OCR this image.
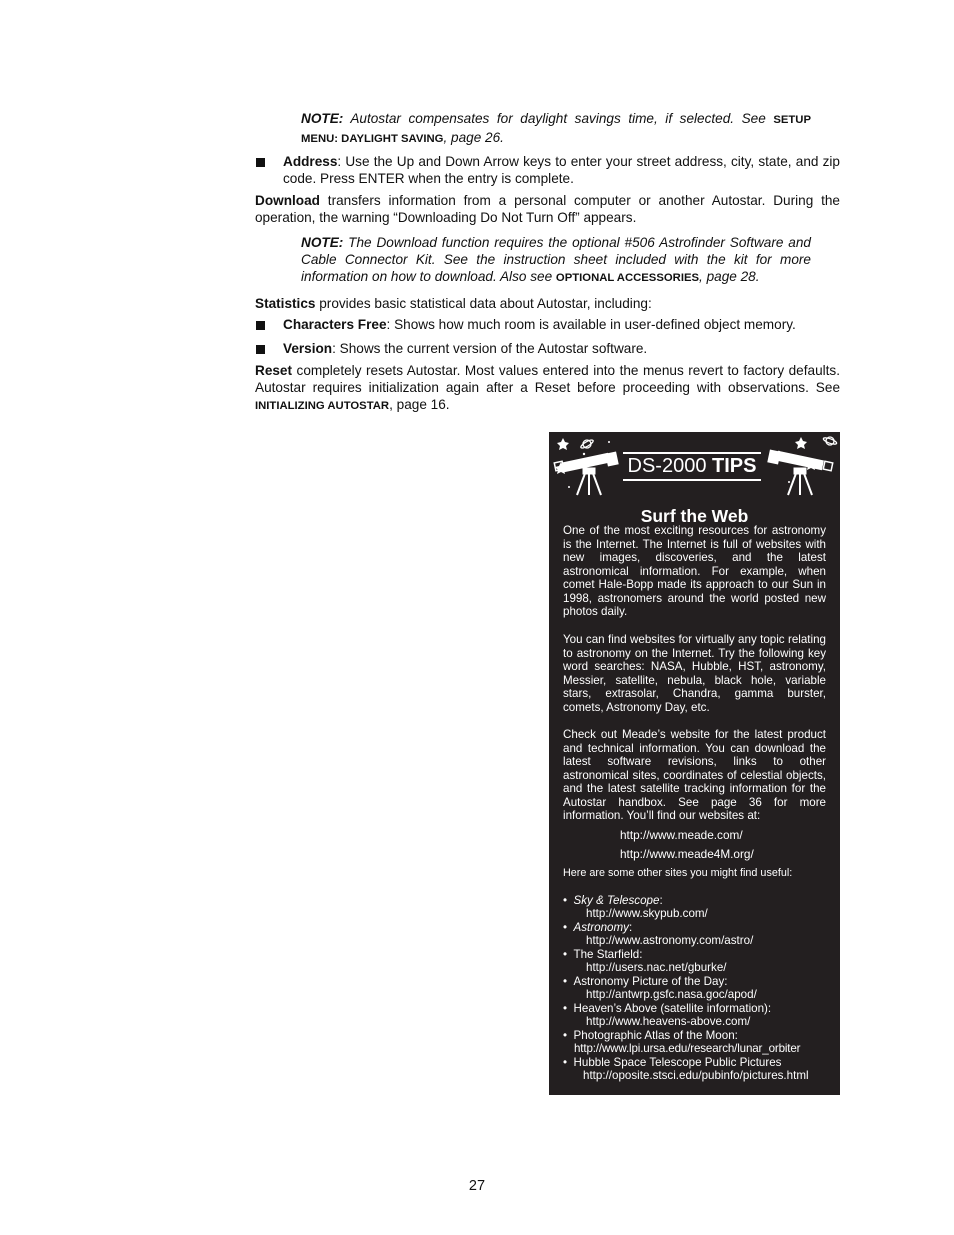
NOTE: Autostar compensates for daylight savings time, if selected. See SETUP MENU: DAYLIGHT SAVING, page 26.

Address: Use the Up and Down Arrow keys to enter your street address, city, state, and zip code. Press ENTER when the entry is complete.

Download transfers information from a personal computer or another Autostar. During the operation, the warning “Downloading Do Not Turn Off” appears.

NOTE: The Download function requires the optional #506 Astrofinder Software and Cable Connector Kit. See the instruction sheet included with the kit for more information on how to download. Also see OPTIONAL ACCESSORIES, page 28.

Statistics provides basic statistical data about Autostar, including:

Characters Free: Shows how much room is available in user-defined object memory.

Version: Shows the current version of the Autostar software.

Reset completely resets Autostar. Most values entered into the menus revert to factory defaults. Autostar requires initialization again after a Reset before proceeding with observations. See INITIALIZING AUTOSTAR, page 16.

DS-2000 TIPS
Surf the Web

One of the most exciting resources for astronomy is the Internet. The Internet is full of websites with new images, discoveries, and the latest astronomical information. For example, when comet Hale-Bopp made its approach to our Sun in 1998, astronomers around the world posted new photos daily.

You can find websites for virtually any topic relating to astronomy on the Internet. Try the following key word searches: NASA, Hubble, HST, astronomy, Messier, satellite, nebula, black hole, variable stars, extrasolar, Chandra, gamma burster, comets, Astronomy Day, etc.

Check out Meade’s website for the latest product and technical information. You can download the latest software revisions, links to other astronomical sites, coordinates of celestial objects, and the latest satellite tracking information for the Autostar handbox. See page 36 for more information. You’ll find our websites at:

http://www.meade.com/
http://www.meade4M.org/
Here are some other sites you might find useful:
•  Sky & Telescope:
http://www.skypub.com/
•  Astronomy:
http://www.astronomy.com/astro/
•  The Starfield:
http://users.nac.net/gburke/
•  Astronomy Picture of the Day:
http://antwrp.gsfc.nasa.goc/apod/
•  Heaven’s Above (satellite information):
http://www.heavens-above.com/
•  Photographic Atlas of the Moon:
http://www.lpi.ursa.edu/research/lunar_orbiter
•  Hubble Space Telescope Public Pictures
http://oposite.stsci.edu/pubinfo/pictures.html
27
